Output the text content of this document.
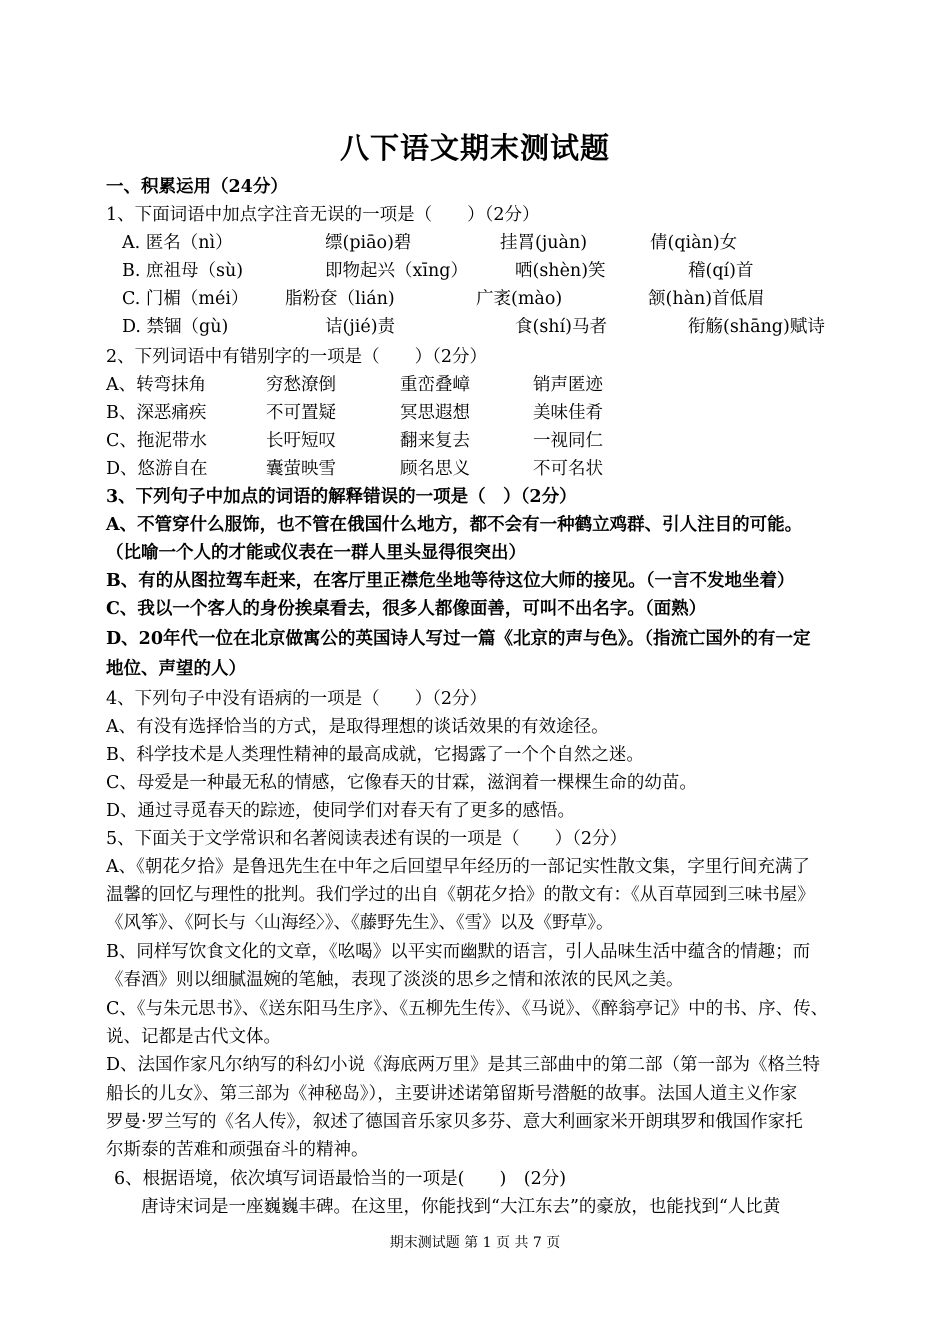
八下语文期末测试题
一、积累运用（24分）
1、下面词语中加点字注音无误的一项是（　　）（2分）
A. 匿名（nì）	缥(piāo)碧	挂罥(juàn)	倩(qiàn)女
B. 庶祖母（sù)	即物起兴（xīng）	哂(shèn)笑	稽(qí)首
C. 门楣（méi） 脂粉奁（lián)	广袤(mào)	颔(hàn)首低眉
D. 禁锢（gù)	诘(jié)责	食(shí)马者	衔觞(shāng)赋诗
2、下列词语中有错别字的一项是（　　）（2分）
A、转弯抹角	穷愁潦倒	重峦叠嶂	销声匿迹
B、深恶痛疾	不可置疑	冥思遐想	美味佳肴
C、拖泥带水	长吁短叹	翻来复去	一视同仁
D、悠游自在	囊萤映雪	顾名思义	不可名状
3、下列句子中加点的词语的解释错误的一项是（　）（2分）
A、不管穿什么服饰，也不管在俄国什么地方，都不会有一种鹤立鸡群、引人注目的可能。
（比喻一个人的才能或仪表在一群人里头显得很突出）
B、有的从图拉驾车赶来，在客厅里正襟危坐地等待这位大师的接见。（一言不发地坐着）
C、我以一个客人的身份挨桌看去，很多人都像面善，可叫不出名字。（面熟）
D、20年代一位在北京做寓公的英国诗人写过一篇《北京的声与色》。（指流亡国外的有一定
地位、声望的人）
4、下列句子中没有语病的一项是（　　）（2分）
A、有没有选择恰当的方式，是取得理想的谈话效果的有效途径。
B、科学技术是人类理性精神的最高成就，它揭露了一个个自然之迷。
C、母爱是一种最无私的情感，它像春天的甘霖，滋润着一棵棵生命的幼苗。
D、通过寻觅春天的踪迹，使同学们对春天有了更多的感悟。
5、下面关于文学常识和名著阅读表述有误的一项是（　　）（2分）
A、《朝花夕拾》是鲁迅先生在中年之后回望早年经历的一部记实性散文集，字里行间充满了
温馨的回忆与理性的批判。我们学过的出自《朝花夕拾》的散文有：《从百草园到三味书屋》
《风筝》、《阿长与〈山海经〉》、《藤野先生》、《雪》以及《野草》。
B、同样写饮食文化的文章，《吆喝》以平实而幽默的语言，引人品味生活中蕴含的情趣；而
《春酒》则以细腻温婉的笔触，表现了淡淡的思乡之情和浓浓的民风之美。
C、《与朱元思书》、《送东阳马生序》、《五柳先生传》、《马说》、《醉翁亭记》中的书、序、传、
说、记都是古代文体。
D、法国作家凡尔纳写的科幻小说《海底两万里》是其三部曲中的第二部（第一部为《格兰特
船长的儿女》、第三部为《神秘岛》），主要讲述诺第留斯号潜艇的故事。法国人道主义作家
罗曼·罗兰写的《名人传》，叙述了德国音乐家贝多芬、意大利画家米开朗琪罗和俄国作家托
尔斯泰的苦难和顽强奋斗的精神。
6、根据语境，依次填写词语最恰当的一项是(　　)　(2分)
唐诗宋词是一座巍巍丰碑。在这里，你能找到“大江东去”的豪放，也能找到“人比黄
期末测试题 第 1 页 共 7 页
